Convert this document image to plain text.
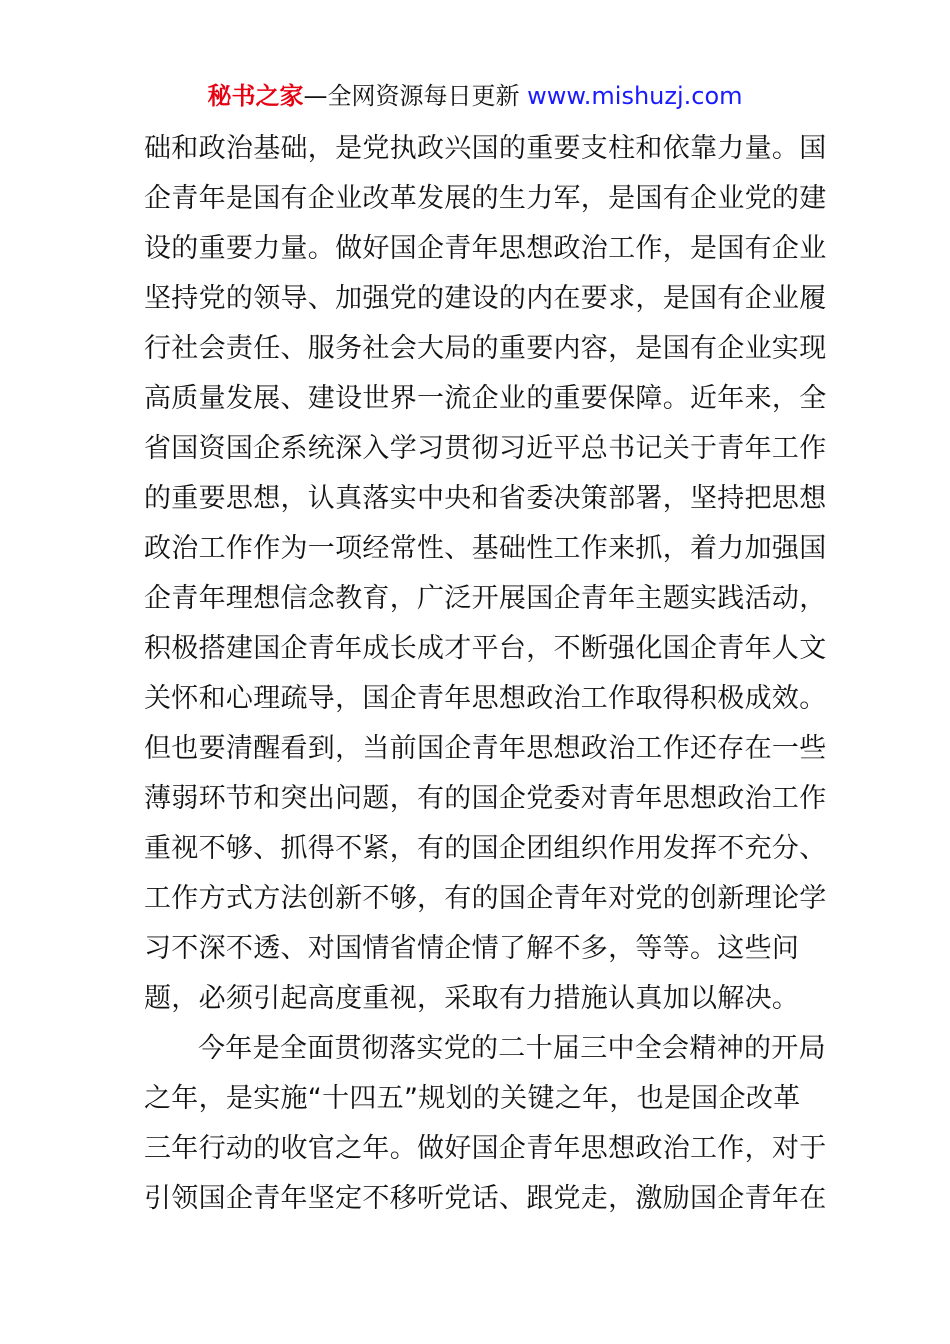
秘书之家—全网资源每日更新 www.mishuzj.com
础和政治基础，是党执政兴国的重要支柱和依靠力量。国
企青年是国有企业改革发展的生力军，是国有企业党的建
设的重要力量。做好国企青年思想政治工作，是国有企业
坚持党的领导、加强党的建设的内在要求，是国有企业履
行社会责任、服务社会大局的重要内容，是国有企业实现
高质量发展、建设世界一流企业的重要保障。近年来，全
省国资国企系统深入学习贯彻习近平总书记关于青年工作
的重要思想，认真落实中央和省委决策部署，坚持把思想
政治工作作为一项经常性、基础性工作来抓，着力加强国
企青年理想信念教育，广泛开展国企青年主题实践活动，
积极搭建国企青年成长成才平台，不断强化国企青年人文
关怀和心理疏导，国企青年思想政治工作取得积极成效。
但也要清醒看到，当前国企青年思想政治工作还存在一些
薄弱环节和突出问题，有的国企党委对青年思想政治工作
重视不够、抓得不紧，有的国企团组织作用发挥不充分、
工作方式方法创新不够，有的国企青年对党的创新理论学
习不深不透、对国情省情企情了解不多，等等。这些问
题，必须引起高度重视，采取有力措施认真加以解决。
今年是全面贯彻落实党的二十届三中全会精神的开局
之年，是实施“十四五”规划的关键之年，也是国企改革
三年行动的收官之年。做好国企青年思想政治工作，对于
引领国企青年坚定不移听党话、跟党走，激励国企青年在
